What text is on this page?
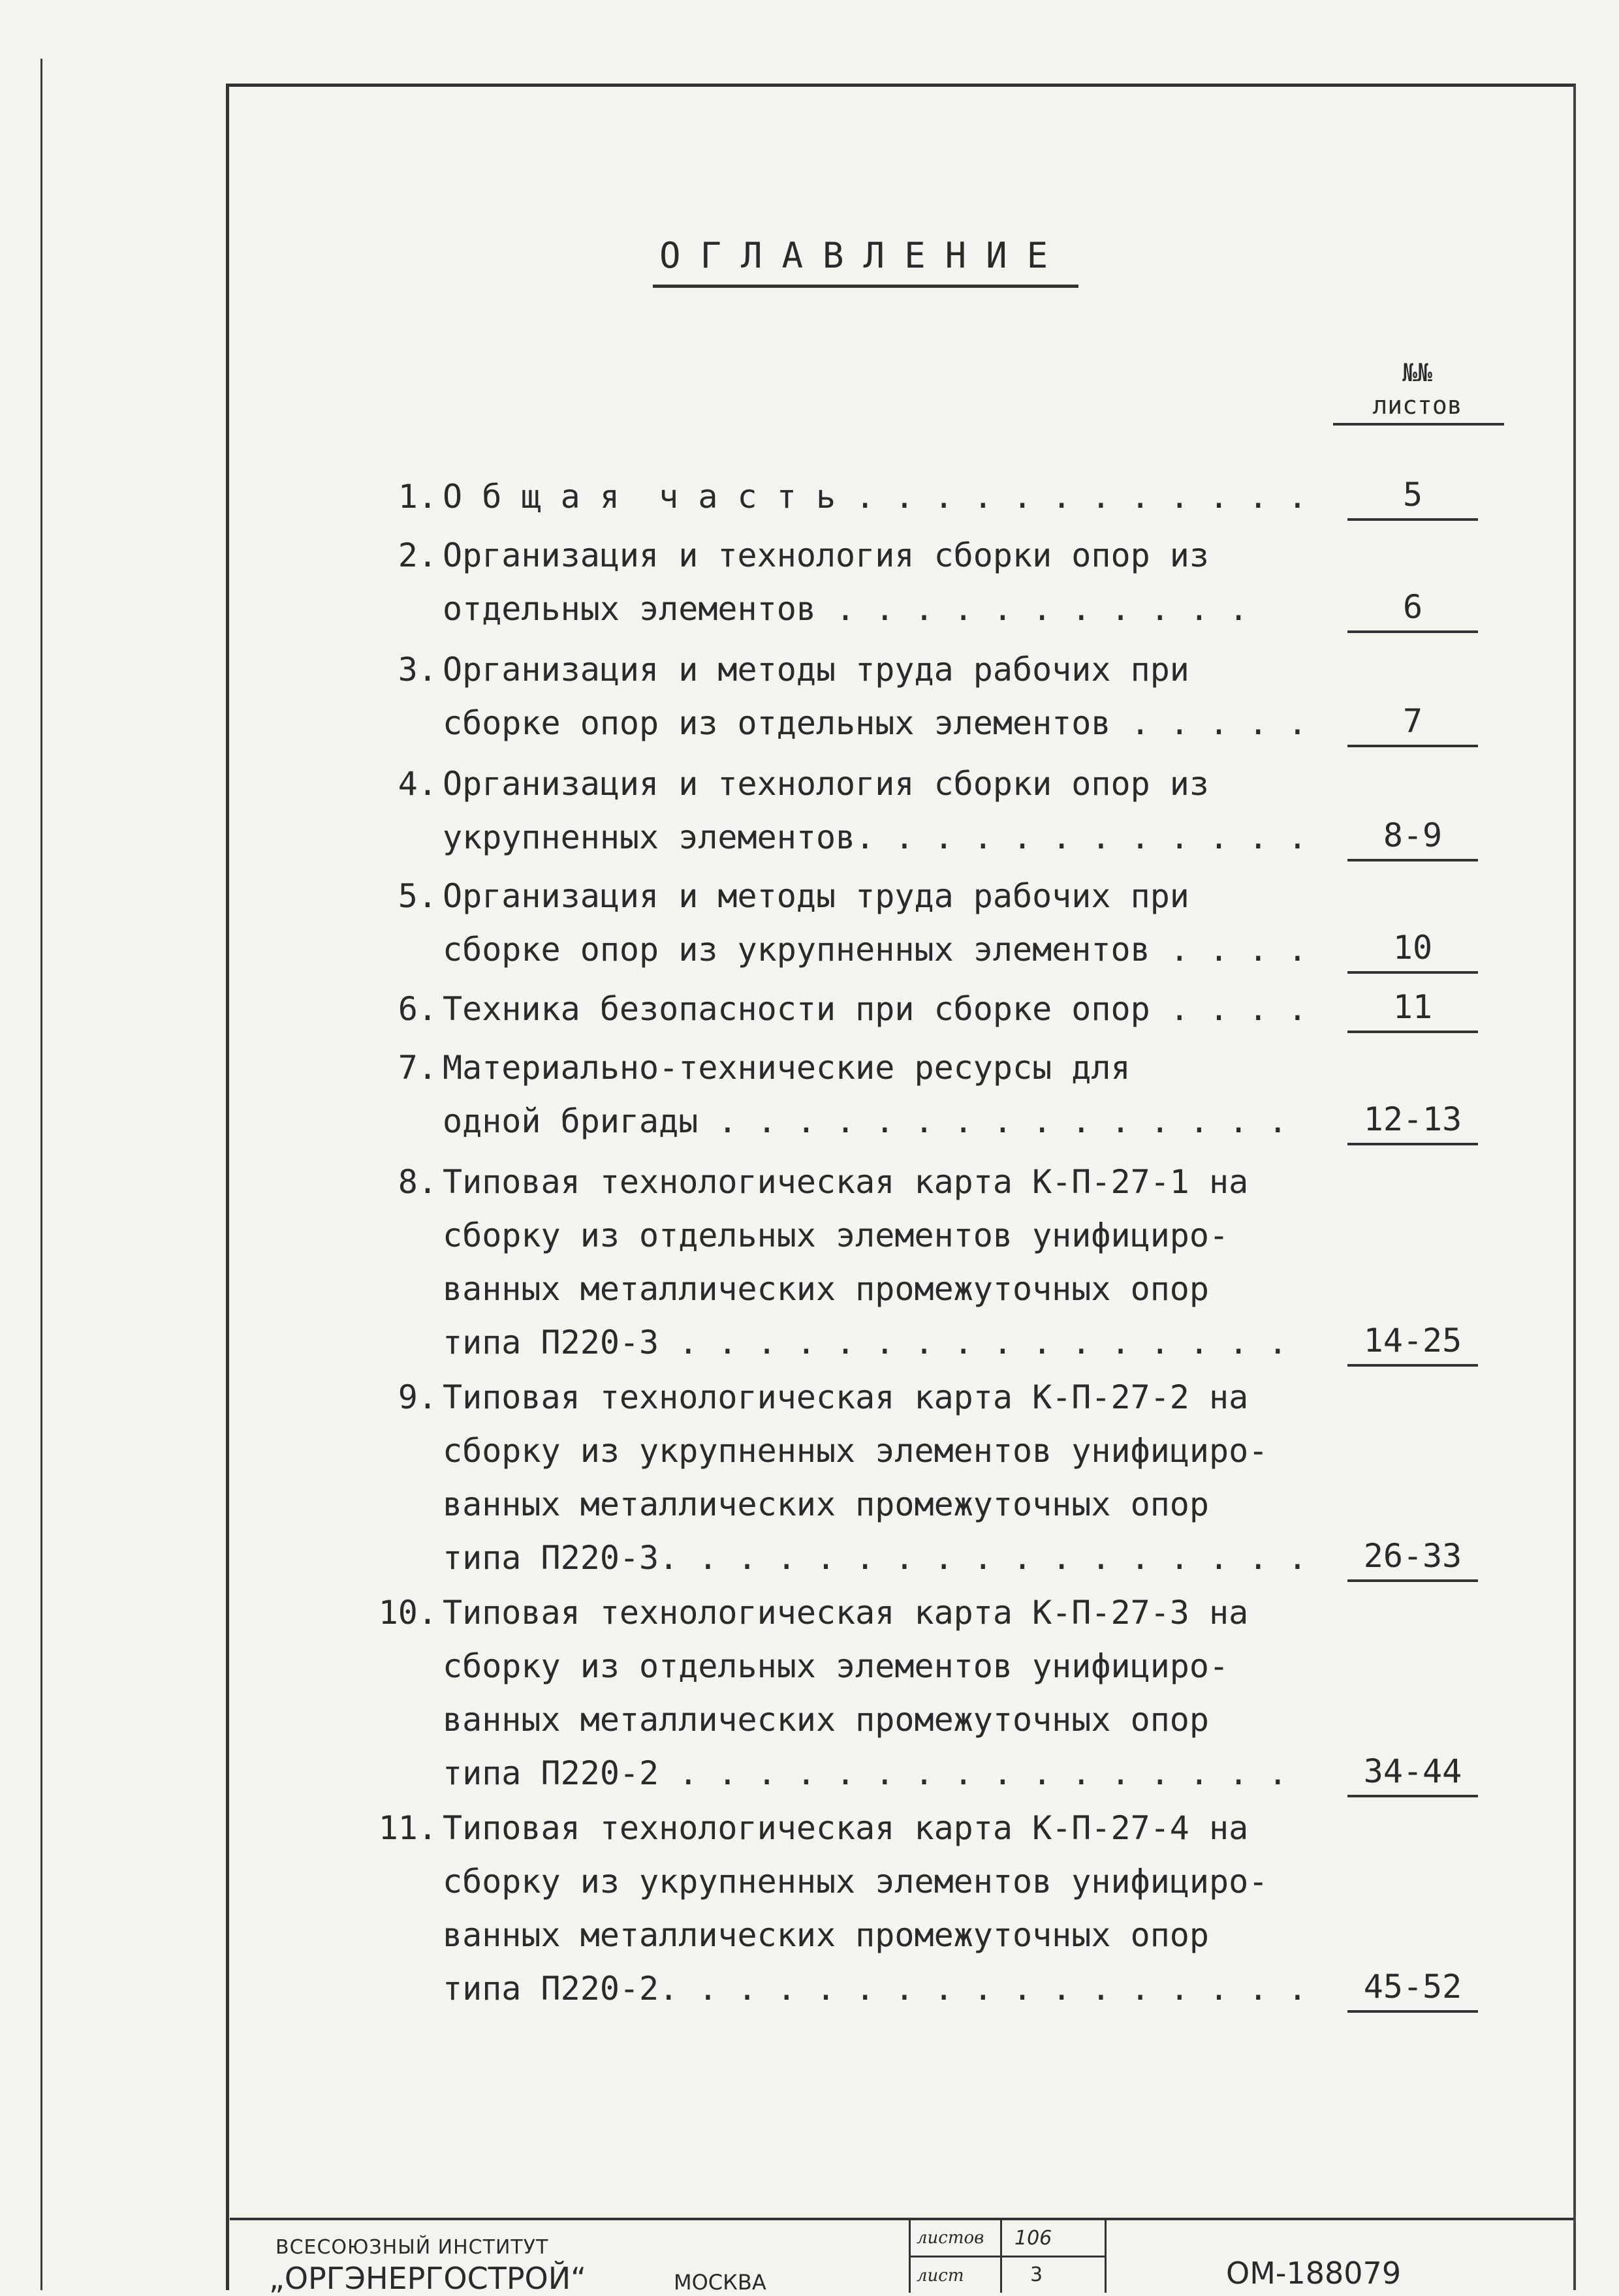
ОГЛАВЛЕНИЕ
№№
листов
1. О б щ а я  ч а с т ь . . . . . . . . . . . .	5
2. Организация и технология сборки опор из
отдельных элементов . . . . . . . . . . .	6
3. Организация и методы труда рабочих при
сборке опор из отдельных элементов . . . . .	7
4. Организация и технология сборки опор из
укрупненных элементов. . . . . . . . . . . .	8-9
5. Организация и методы труда рабочих при
сборке опор из укрупненных элементов . . . .	10
6. Техника безопасности при сборке опор . . . .	11
7. Материально-технические ресурсы для
одной бригады . . . . . . . . . . . . . . .	12-13
8. Типовая технологическая карта К-П-27-1 на
сборку из отдельных элементов унифициро-
ванных металлических промежуточных опор
типа П220-3 . . . . . . . . . . . . . . . .	14-25
9. Типовая технологическая карта К-П-27-2 на
сборку из укрупненных элементов унифициро-
ванных металлических промежуточных опор
типа П220-3. . . . . . . . . . . . . . . . .	26-33
10. Типовая технологическая карта К-П-27-3 на
сборку из отдельных элементов унифициро-
ванных металлических промежуточных опор
типа П220-2 . . . . . . . . . . . . . . . .	34-44
11. Типовая технологическая карта К-П-27-4 на
сборку из укрупненных элементов унифициро-
ванных металлических промежуточных опор
типа П220-2. . . . . . . . . . . . . . . . .	45-52
ВСЕСОЮЗНЫЙ ИНСТИТУТ
„ОРГЭНЕРГОСТРОЙ“	МОСКВА
листов 106
лист	3	ОМ-188079
